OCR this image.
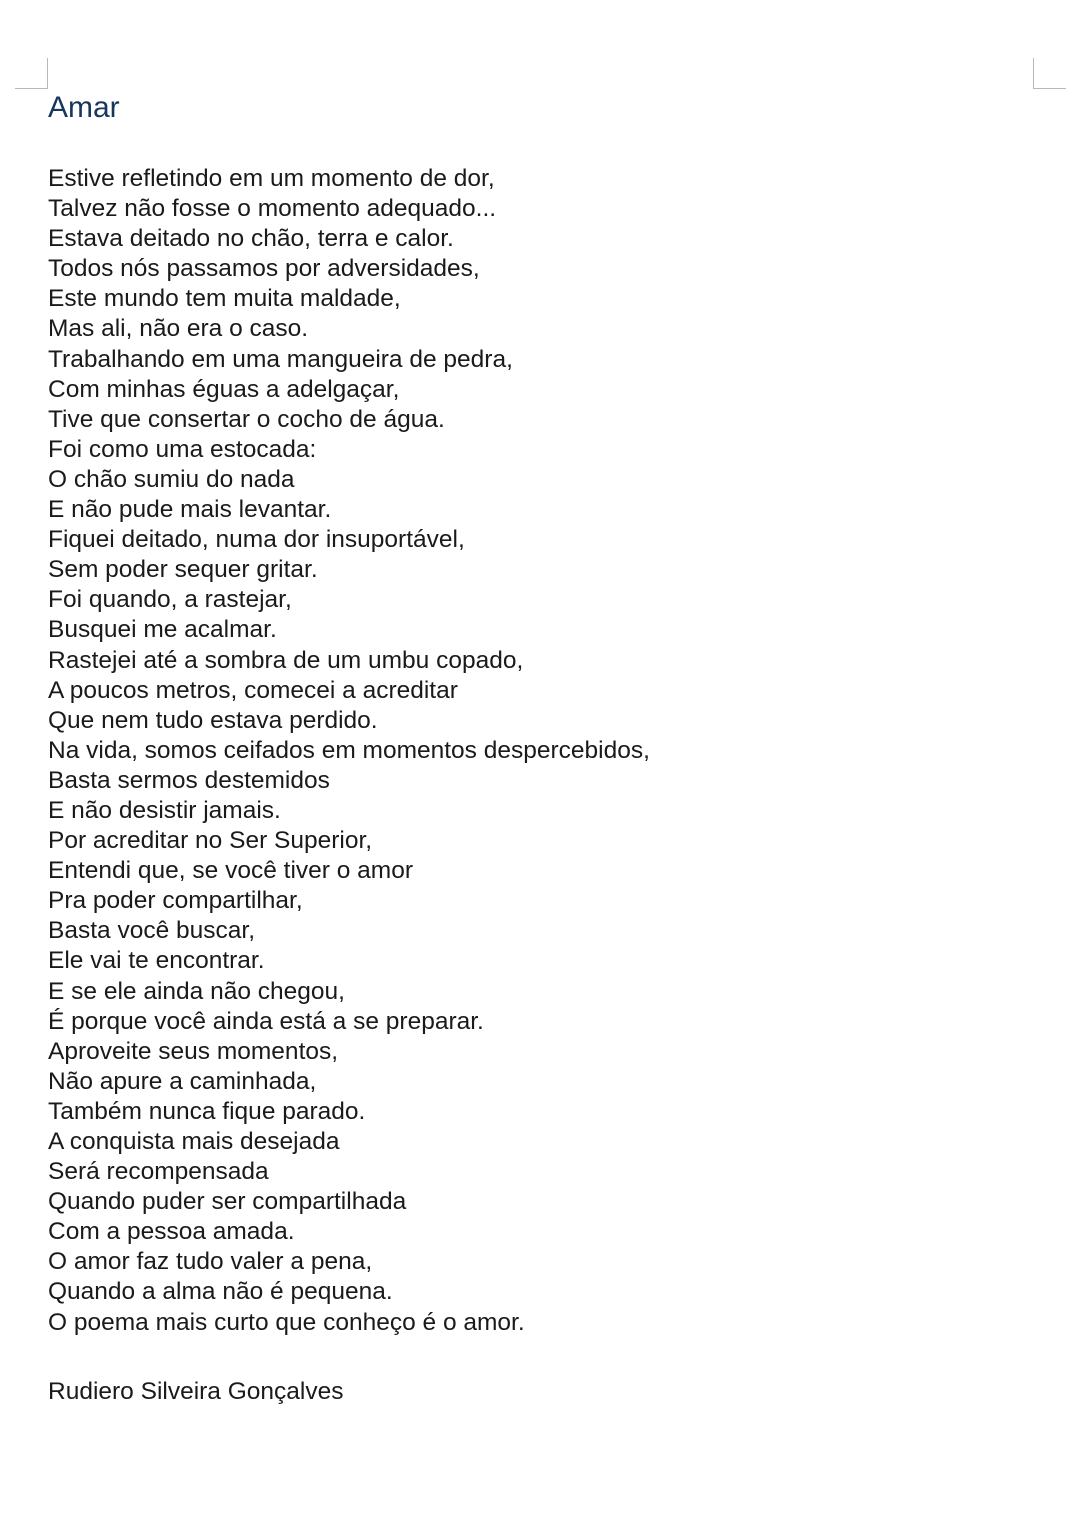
Amar
Estive refletindo em um momento de dor,
Talvez não fosse o momento adequado...
Estava deitado no chão, terra e calor.
Todos nós passamos por adversidades,
Este mundo tem muita maldade,
Mas ali, não era o caso.
Trabalhando em uma mangueira de pedra,
Com minhas éguas a adelgaçar,
Tive que consertar o cocho de água.
Foi como uma estocada:
O chão sumiu do nada
E não pude mais levantar.
Fiquei deitado, numa dor insuportável,
Sem poder sequer gritar.
Foi quando, a rastejar,
Busquei me acalmar.
Rastejei até a sombra de um umbu copado,
A poucos metros, comecei a acreditar
Que nem tudo estava perdido.
Na vida, somos ceifados em momentos despercebidos,
Basta sermos destemidos
E não desistir jamais.
Por acreditar no Ser Superior,
Entendi que, se você tiver o amor
Pra poder compartilhar,
Basta você buscar,
Ele vai te encontrar.
E se ele ainda não chegou,
É porque você ainda está a se preparar.
Aproveite seus momentos,
Não apure a caminhada,
Também nunca fique parado.
A conquista mais desejada
Será recompensada
Quando puder ser compartilhada
Com a pessoa amada.
O amor faz tudo valer a pena,
Quando a alma não é pequena.
O poema mais curto que conheço é o amor.

Rudiero Silveira Gonçalves
